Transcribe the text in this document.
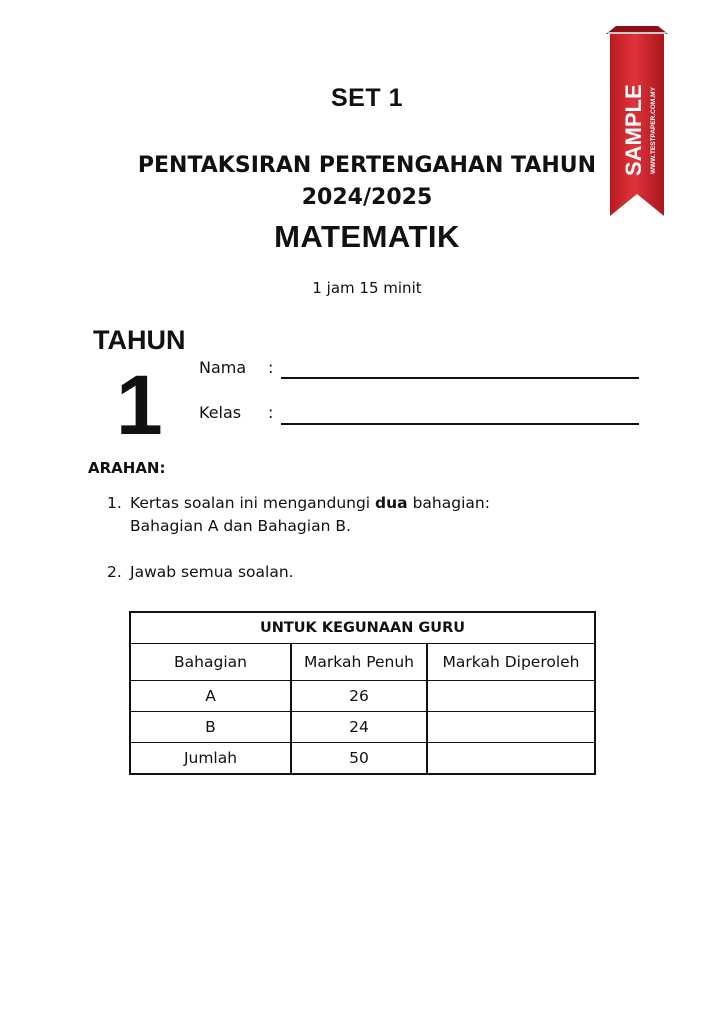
SET 1
PENTAKSIRAN PERTENGAHAN TAHUN
2024/2025
MATEMATIK
1 jam 15 minit
TAHUN
1 Nama :
Kelas :
ARAHAN:
1. Kertas soalan ini mengandungi dua bahagian:
Bahagian A dan Bahagian B.
2. Jawab semua soalan.
UNTUK KEGUNAAN GURU		
Bahagian	Markah Penuh	Markah Diperoleh
A	26	
B	24	
Jumlah	50	
SAMPLE WWW.TESTPAPER.COM.MY
